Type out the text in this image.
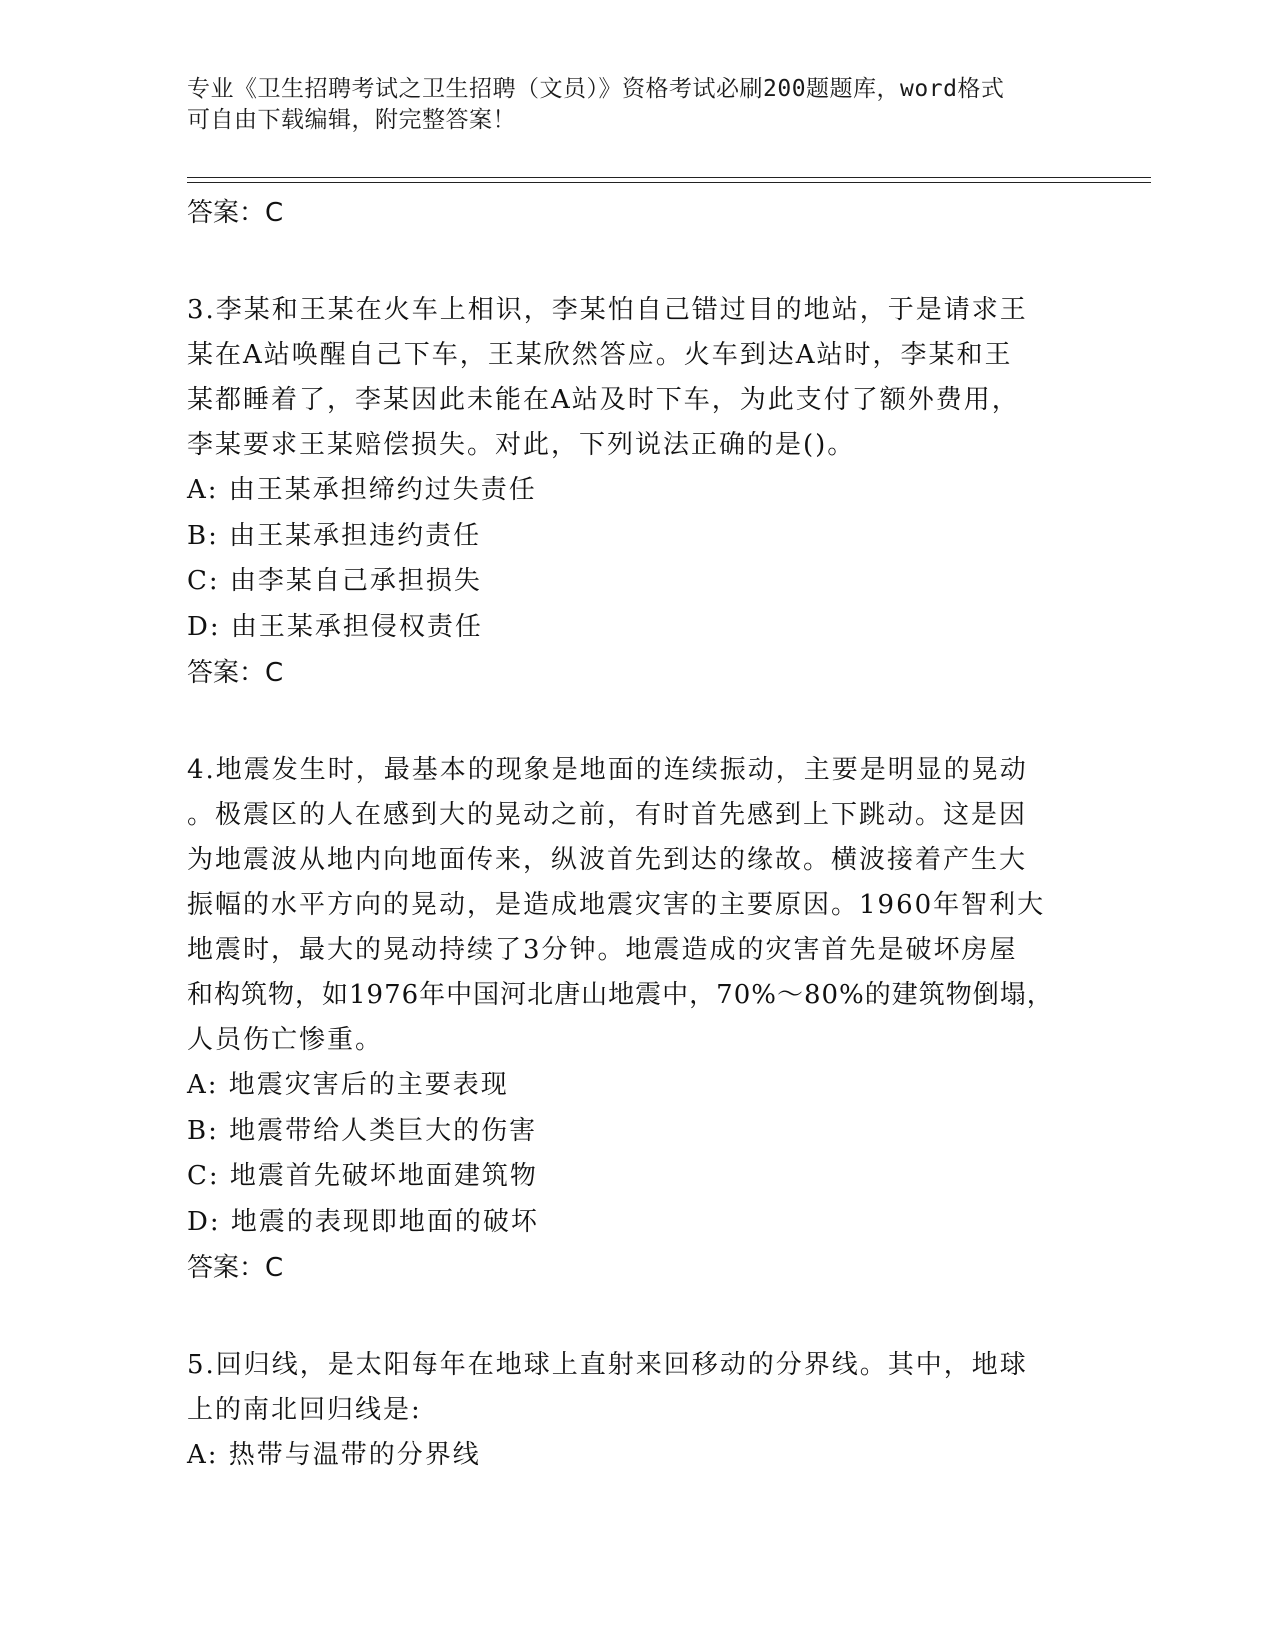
专业《卫生招聘考试之卫生招聘（文员）》资格考试必刷200题题库，word格式
可自由下载编辑，附完整答案！
答案：C
3.李某和王某在火车上相识，李某怕自己错过目的地站，于是请求王
某在A站唤醒自己下车，王某欣然答应。火车到达A站时，李某和王
某都睡着了，李某因此未能在A站及时下车，为此支付了额外费用，
李某要求王某赔偿损失。对此，下列说法正确的是()。
A: 由王某承担缔约过失责任
B: 由王某承担违约责任
C: 由李某自己承担损失
D: 由王某承担侵权责任
答案：C
4.地震发生时，最基本的现象是地面的连续振动，主要是明显的晃动
。极震区的人在感到大的晃动之前，有时首先感到上下跳动。这是因
为地震波从地内向地面传来，纵波首先到达的缘故。横波接着产生大
振幅的水平方向的晃动，是造成地震灾害的主要原因。1960年智利大
地震时，最大的晃动持续了3分钟。地震造成的灾害首先是破坏房屋
和构筑物，如1976年中国河北唐山地震中，70%～80%的建筑物倒塌，
人员伤亡惨重。
A: 地震灾害后的主要表现
B: 地震带给人类巨大的伤害
C: 地震首先破坏地面建筑物
D: 地震的表现即地面的破坏
答案：C
5.回归线，是太阳每年在地球上直射来回移动的分界线。其中，地球
上的南北回归线是:
A: 热带与温带的分界线
